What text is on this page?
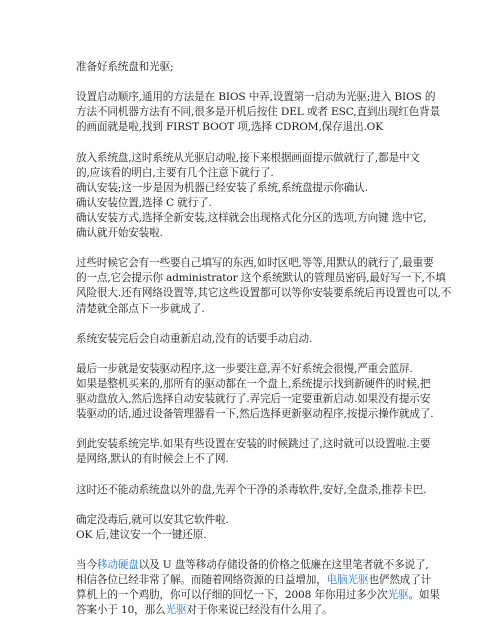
准备好系统盘和光驱;
设置启动顺序,通用的方法是在 BIOS 中弄,设置第一启动为光驱;进入 BIOS 的
方法不同机器方法有不同,很多是开机后按住 DEL 或者 ESC,直到出现红色背景
的画面就是啦,找到 FIRST BOOT 项,选择 CDROM,保存退出.OK
放入系统盘,这时系统从光驱启动啦,接下来根据画面提示做就行了,都是中文
的,应该看的明白,主要有几个注意下就行了.
确认安装;这一步是因为机器已经安装了系统,系统盘提示你确认.
确认安装位置,选择 C 就行了.
确认安装方式,选择全新安装,这样就会出现格式化分区的选项,方向键 选中它,
确认就开始安装啦.
过些时候它会有一些要自己填写的东西,如时区吧,等等,用默认的就行了,最重要
的一点,它会提示你 administrator 这个系统默认的管理员密码,最好写一下,不填
风险很大.还有网络设置等,其它这些设置都可以等你安装要系统后再设置也可以,不
清楚就全部点下一步就成了.
系统安装完后会自动重新启动,没有的话要手动启动.
最后一步就是安装驱动程序,这一步要注意,弄不好系统会很慢,严重会蓝屏.
如果是整机买来的,那所有的驱动都在一个盘上,系统提示找到新硬件的时候,把
驱动盘放入,然后选择自动安装就行了.弄完后一定要重新启动.如果没有提示安
装驱动的话,通过设备管理器看一下,然后选择更新驱动程序,按提示操作就成了.
到此安装系统完毕.如果有些设置在安装的时候跳过了,这时就可以设置啦.主要
是网络,默认的有时候会上不了网.
这时还不能动系统盘以外的盘,先弄个干净的杀毒软件,安好,全盘杀,推荐卡巴.
确定没毒后,就可以安其它软件啦.
OK 后,建议安一个一键还原.
当今移动硬盘以及 U 盘等移动存储设备的价格之低廉在这里笔者就不多说了,
相信各位已经非常了解。而随着网络资源的日益增加，电脑光驱也俨然成了计
算机上的一个鸡肋，你可以仔细的回忆一下，2008 年你用过多少次光驱。如果
答案小于 10，那么光驱对于你来说已经没有什么用了。
